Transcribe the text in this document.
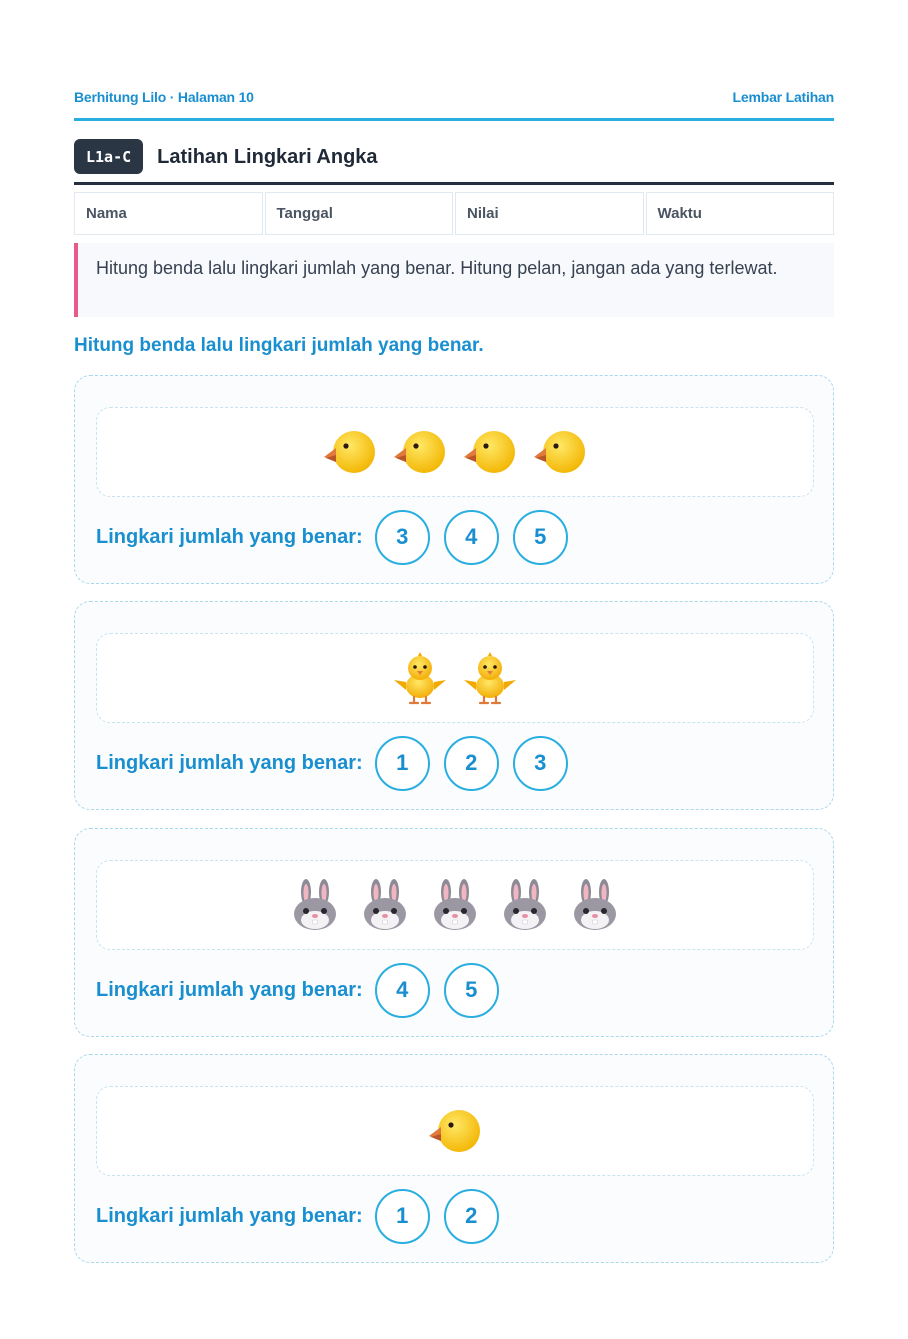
Berhitung Lilo · Halaman 10	Lembar Latihan
L1a-C	Latihan Lingkari Angka
Nama	Tanggal	Nilai	Waktu
Hitung benda lalu lingkari jumlah yang benar. Hitung pelan, jangan ada yang terlewat.
Hitung benda lalu lingkari jumlah yang benar.
Lingkari jumlah yang benar:	3	4	5
Lingkari jumlah yang benar:	1	2	3
Lingkari jumlah yang benar:	4	5
Lingkari jumlah yang benar:	1	2
